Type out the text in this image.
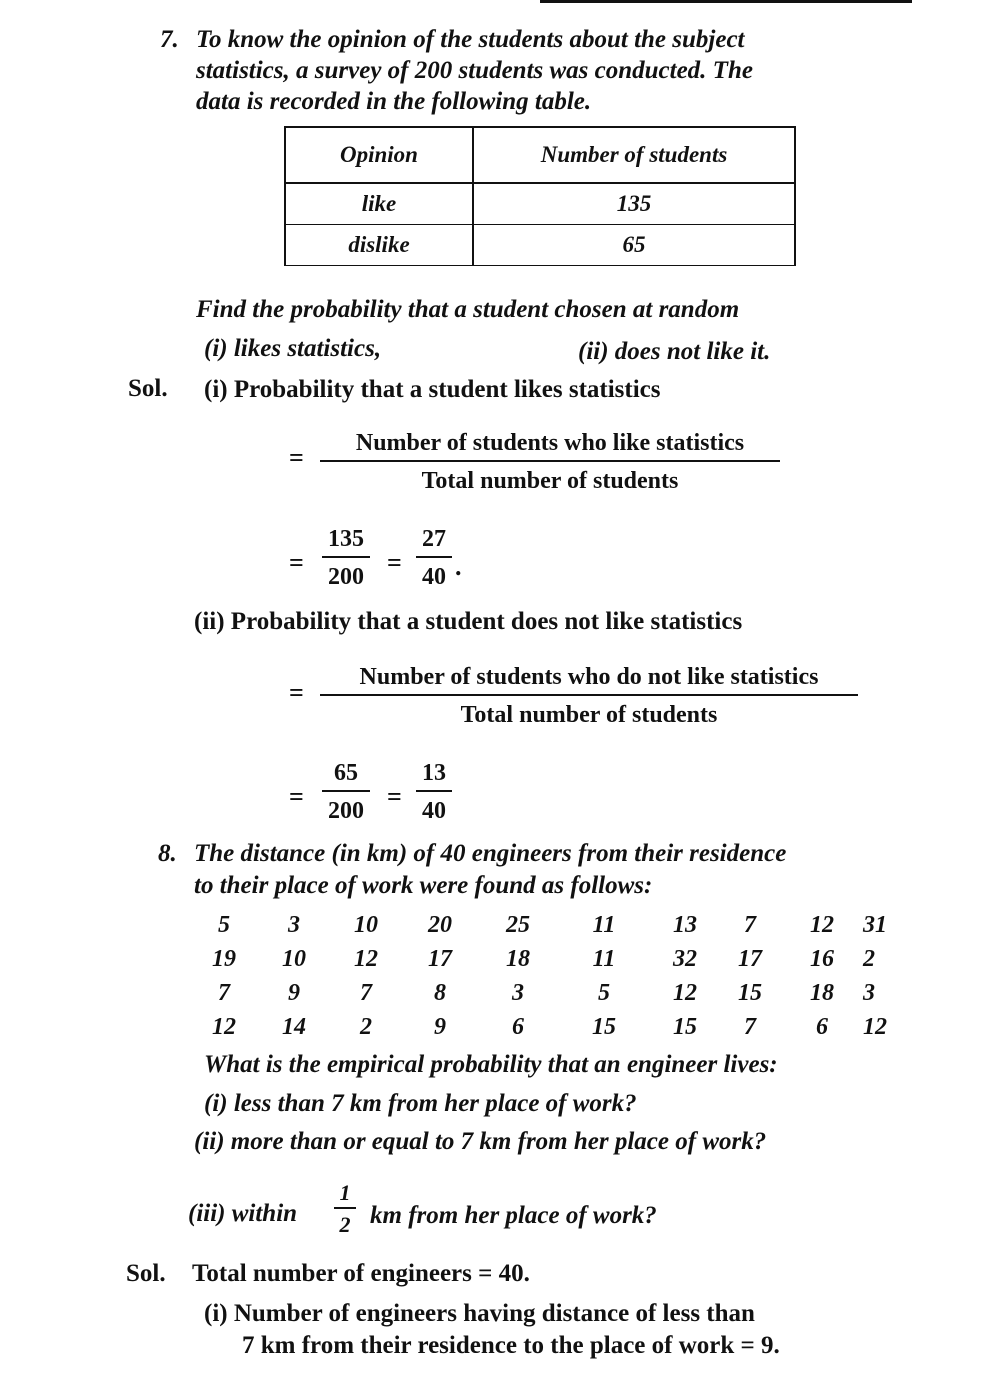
7. To know the opinion of the students about the subject
statistics, a survey of 200 students was conducted. The
data is recorded in the following table.
Opinion	Number of students
like	135
dislike	65
Find the probability that a student chosen at random
(i) likes statistics,	(ii) does not like it.
Sol. (i) Probability that a student likes statistics
=	Number of students who like statistics
Total number of students
= $\frac{135}{200} = \frac{27}{40}$ .
(ii) Probability that a student does not like statistics
=
Number of students who do not like statistics
Total number of students
= $\frac{65}{200} = \frac{13}{40}$
8. The distance (in km) of 40 engineers from their residence
to their place of work were found as follows:
5	3	10	20	25	11	13	7	12	31
19	10	12	17	18	11	32	17	16	2
7	9	7	8	3	5	12	15	18	3
12	14	2	9	6	15	15	7	6	12
What is the empirical probability that an engineer lives:
(i) less than 7 km from her place of work?
(ii) more than or equal to 7 km from her place of work?
(iii) within $\frac{1}{2}$ km from her place of work?
Sol. Total number of engineers = 40.
(i) Number of engineers having distance of less than
7 km from their residence to the place of work = 9.
